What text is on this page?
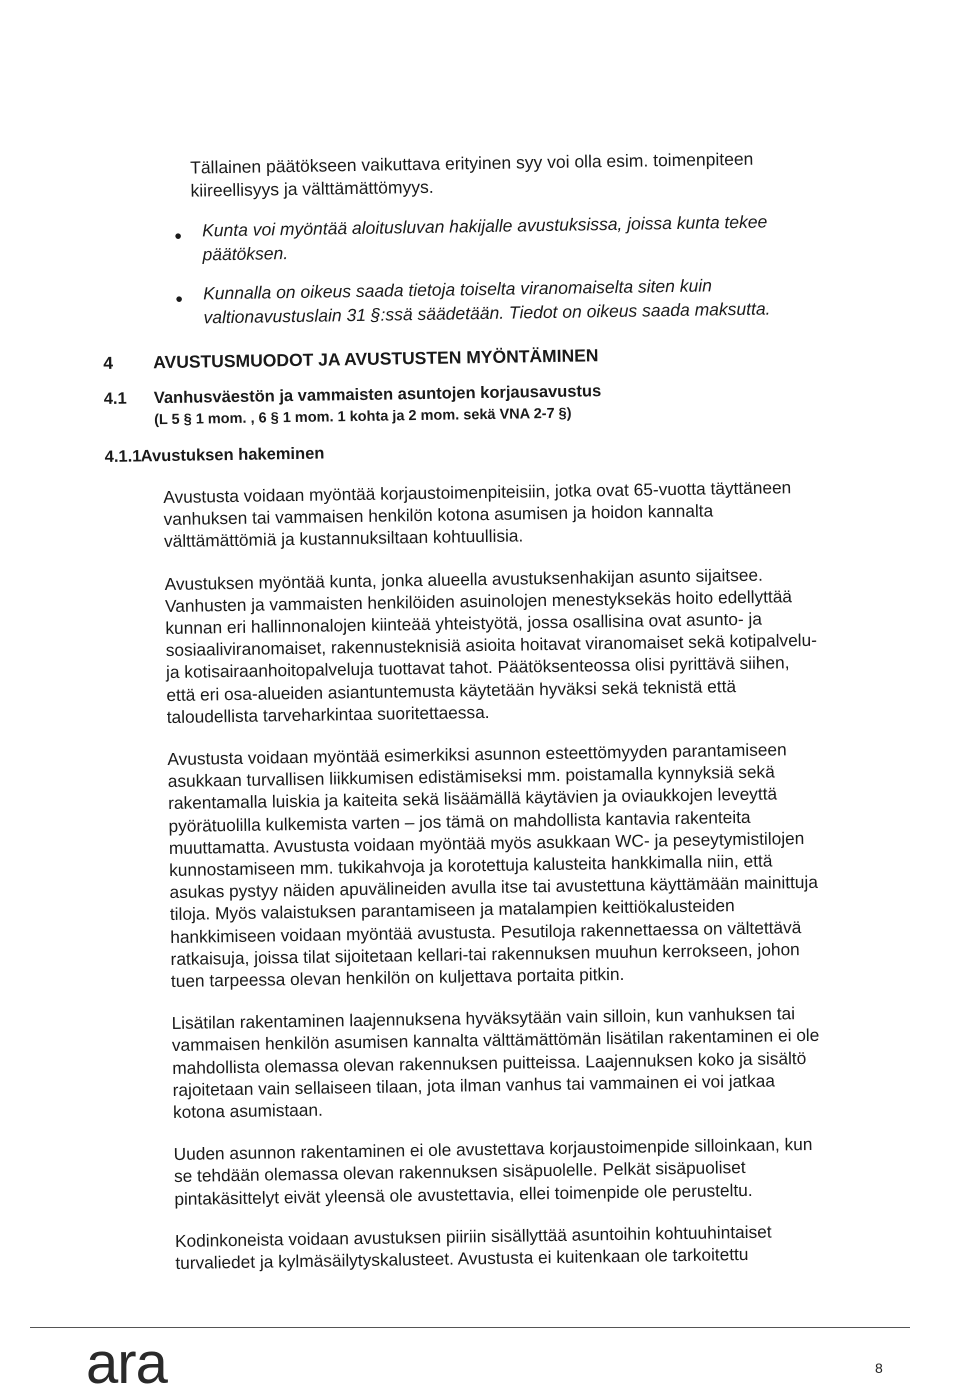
Tällainen päätökseen vaikuttava erityinen syy voi olla esim. toimenpiteen kiireellisyys ja välttämättömyys.

● Kunta voi myöntää aloitusluvan hakijalle avustuksissa, joissa kunta tekee päätöksen.
● Kunnalla on oikeus saada tietoja toiselta viranomaiselta siten kuin valtionavustuslain 31 §:ssä säädetään. Tiedot on oikeus saada maksutta.
4	AVUSTUSMUODOT JA AVUSTUSTEN MYÖNTÄMINEN
4.1	Vanhusväestön ja vammaisten asuntojen korjausavustus
(L 5 § 1 mom. , 6 § 1 mom. 1 kohta ja 2 mom. sekä VNA 2-7 §)
4.1.1 Avustuksen hakeminen

Avustusta voidaan myöntää korjaustoimenpiteisiin, jotka ovat 65-vuotta täyttäneen vanhuksen tai vammaisen henkilön kotona asumisen ja hoidon kannalta välttämättömiä ja kustannuksiltaan kohtuullisia.

Avustuksen myöntää kunta, jonka alueella avustuksenhakijan asunto sijaitsee. Vanhusten ja vammaisten henkilöiden asuinolojen menestyksekäs hoito edellyttää kunnan eri hallinnonalojen kiinteää yhteistyötä, jossa osallisina ovat asunto- ja sosiaaliviranomaiset, rakennusteknisiä asioita hoitavat viranomaiset sekä kotipalvelu- ja kotisairaanhoitopalveluja tuottavat tahot. Päätöksenteossa olisi pyrittävä siihen, että eri osa-alueiden asiantuntemusta käytetään hyväksi sekä teknistä että taloudellista tarveharkintaa suoritettaessa.

Avustusta voidaan myöntää esimerkiksi asunnon esteettömyyden parantamiseen asukkaan turvallisen liikkumisen edistämiseksi mm. poistamalla kynnyksiä sekä rakentamalla luiskia ja kaiteita sekä lisäämällä käytävien ja oviaukkojen leveyttä pyörätuolilla kulkemista varten – jos tämä on mahdollista kantavia rakenteita muuttamatta. Avustusta voidaan myöntää myös asukkaan WC- ja peseytymistilojen kunnostamiseen mm. tukikahvoja ja korotettuja kalusteita hankkimalla niin, että asukas pystyy näiden apuvälineiden avulla itse tai avustettuna käyttämään mainittuja tiloja. Myös valaistuksen parantamiseen ja matalampien keittiökalusteiden hankkimiseen voidaan myöntää avustusta. Pesutiloja rakennettaessa on vältettävä ratkaisuja, joissa tilat sijoitetaan kellari-tai rakennuksen muuhun kerrokseen, johon tuen tarpeessa olevan henkilön on kuljettava portaita pitkin.

Lisätilan rakentaminen laajennuksena hyväksytään vain silloin, kun vanhuksen tai vammaisen henkilön asumisen kannalta välttämättömän lisätilan rakentaminen ei ole mahdollista olemassa olevan rakennuksen puitteissa. Laajennuksen koko ja sisältö rajoitetaan vain sellaiseen tilaan, jota ilman vanhus tai vammainen ei voi jatkaa kotona asumistaan.

Uuden asunnon rakentaminen ei ole avustettava korjaustoimenpide silloinkaan, kun se tehdään olemassa olevan rakennuksen sisäpuolelle. Pelkät sisäpuoliset pintakäsittelyt eivät yleensä ole avustettavia, ellei toimenpide ole perusteltu.

Kodinkoneista voidaan avustuksen piiriin sisällyttää asuntoihin kohtuuhintaiset turvaliedet ja kylmäsäilytyskalusteet. Avustusta ei kuitenkaan ole tarkoitettu

ara	8
